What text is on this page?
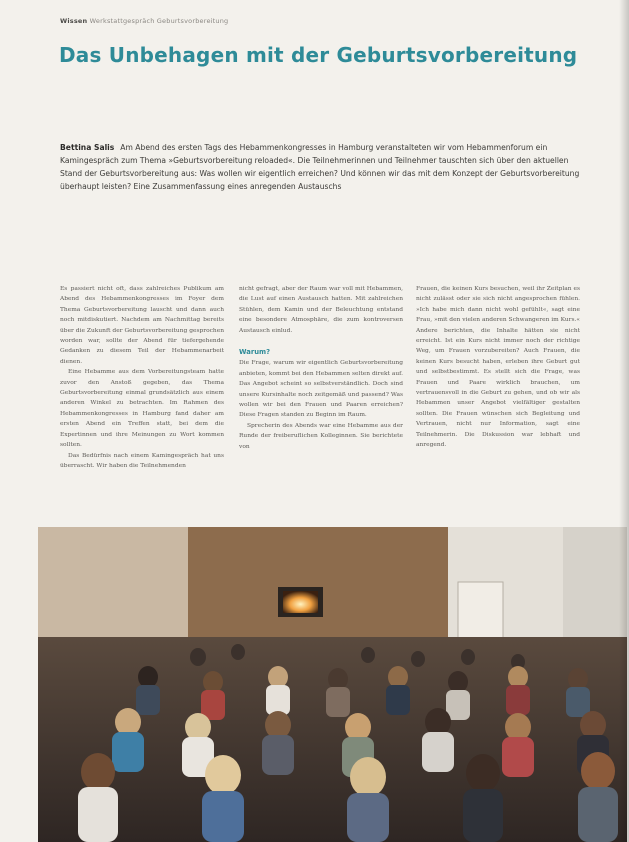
Wissen Werkstattgespräch Geburtsvorbereitung
Das Unbehagen mit der Geburtsvorbereitung
Bettina Salis Am Abend des ersten Tags des Hebammenkongresses in Hamburg veranstalteten wir vom Hebammenforum ein Kamingespräch zum Thema »Geburtsvorbereitung reloaded«. Die Teilnehmerinnen und Teilnehmer tauschten sich über den aktuellen Stand der Geburtsvorbereitung aus: Was wollen wir eigentlich erreichen? Und können wir das mit dem Konzept der Geburtsvorbereitung überhaupt leisten? Eine Zusammenfassung eines anregenden Austauschs

Es passiert nicht oft, dass zahlreiches Publikum am Abend des Hebammenkongresses im Foyer dem Thema Geburtsvorbereitung lauscht und dann auch noch mitdiskutiert. Nachdem am Nachmittag bereits über die Zukunft der Geburtsvorbereitung gesprochen worden war, sollte der Abend für tiefergehende Gedanken zu diesem Teil der Hebammenarbeit dienen.

Eine Hebamme aus dem Vorbereitungsteam hatte zuvor den Anstoß gegeben, das Thema Geburtsvorbereitung einmal grundsätzlich aus einem anderen Winkel zu betrachten. Im Rahmen des Hebammenkongresses in Hamburg fand daher am ersten Abend ein Treffen statt, bei dem die Expertinnen und ihre Meinungen zu Wort kommen sollten.

Das Bedürfnis nach einem Kamingespräch hat uns überrascht. Wir haben die Teilnehmenden

nicht gefragt, aber der Raum war voll mit Hebammen, die Lust auf einen Austausch hatten. Mit zahlreichen Stühlen, dem Kamin und der Beleuchtung entstand eine besondere Atmosphäre, die zum kontroversen Austausch einlud.

Warum?

Die Frage, warum wir eigentlich Geburtsvorbereitung anbieten, kommt bei den Hebammen selten direkt auf. Das Angebot scheint so selbstverständlich. Doch sind unsere Kursinhalte noch zeitgemäß und passend? Was wollen wir bei den Frauen und Paaren erreichen? Diese Fragen standen zu Beginn im Raum.

Sprecherin des Abends war eine Hebamme aus der Runde der freiberuflichen Kolleginnen. Sie berichtete von

Frauen, die keinen Kurs besuchen, weil ihr Zeitplan es nicht zulässt oder sie sich nicht angesprochen fühlen. »Ich habe mich dann nicht wohl gefühlt«, sagt eine Frau, »mit den vielen anderen Schwangeren im Kurs.« Andere berichten, die Inhalte hätten sie nicht erreicht. Ist ein Kurs nicht immer noch der richtige Weg, um Frauen vorzubereiten? Auch Frauen, die keinen Kurs besucht haben, erleben ihre Geburt gut und selbstbestimmt. Es stellt sich die Frage, was Frauen und Paare wirklich brauchen, um vertrauensvoll in die Geburt zu gehen, und ob wir als Hebammen unser Angebot vielfältiger gestalten sollten. Die Frauen wünschen sich Begleitung und Vertrauen, nicht nur Information, sagt eine Teilnehmerin. Die Diskussion war lebhaft und anregend.
